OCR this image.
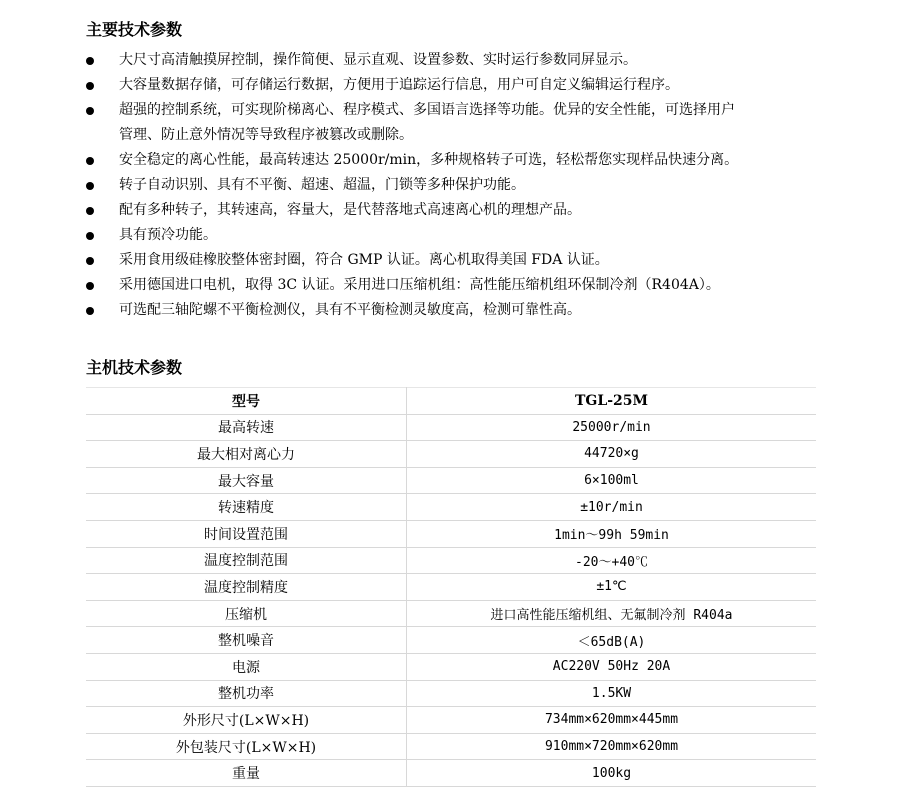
主要技术参数
大尺寸高清触摸屏控制，操作简便、显示直观、设置参数、实时运行参数同屏显示。
大容量数据存储，可存储运行数据，方便用于追踪运行信息，用户可自定义编辑运行程序。
超强的控制系统，可实现阶梯离心、程序模式、多国语言选择等功能。优异的安全性能，可选择用户
管理、防止意外情况等导致程序被篡改或删除。
安全稳定的离心性能，最高转速达 25000r/min，多种规格转子可选，轻松帮您实现样品快速分离。
转子自动识别、具有不平衡、超速、超温，门锁等多种保护功能。
配有多种转子，其转速高，容量大，是代替落地式高速离心机的理想产品。
具有预冷功能。
采用食用级硅橡胶整体密封圈，符合 GMP 认证。离心机取得美国 FDA 认证。
采用德国进口电机，取得 3C 认证。采用进口压缩机组：高性能压缩机组环保制冷剂（R404A）。
可选配三轴陀螺不平衡检测仪，具有不平衡检测灵敏度高，检测可靠性高。
主机技术参数
型号	TGL-25M
最高转速	25000r/min
最大相对离心力	44720×g
最大容量	6×100ml
转速精度	±10r/min
时间设置范围	1min～99h 59min
温度控制范围	-20～+40℃
温度控制精度	±1℃
压缩机	进口高性能压缩机组、无氟制冷剂 R404a
整机噪音	＜65dB(A)
电源	AC220V 50Hz 20A
整机功率	1.5KW
外形尺寸(L×W×H)	734mm×620mm×445mm
外包装尺寸(L×W×H)	910mm×720mm×620mm
重量	100kg
